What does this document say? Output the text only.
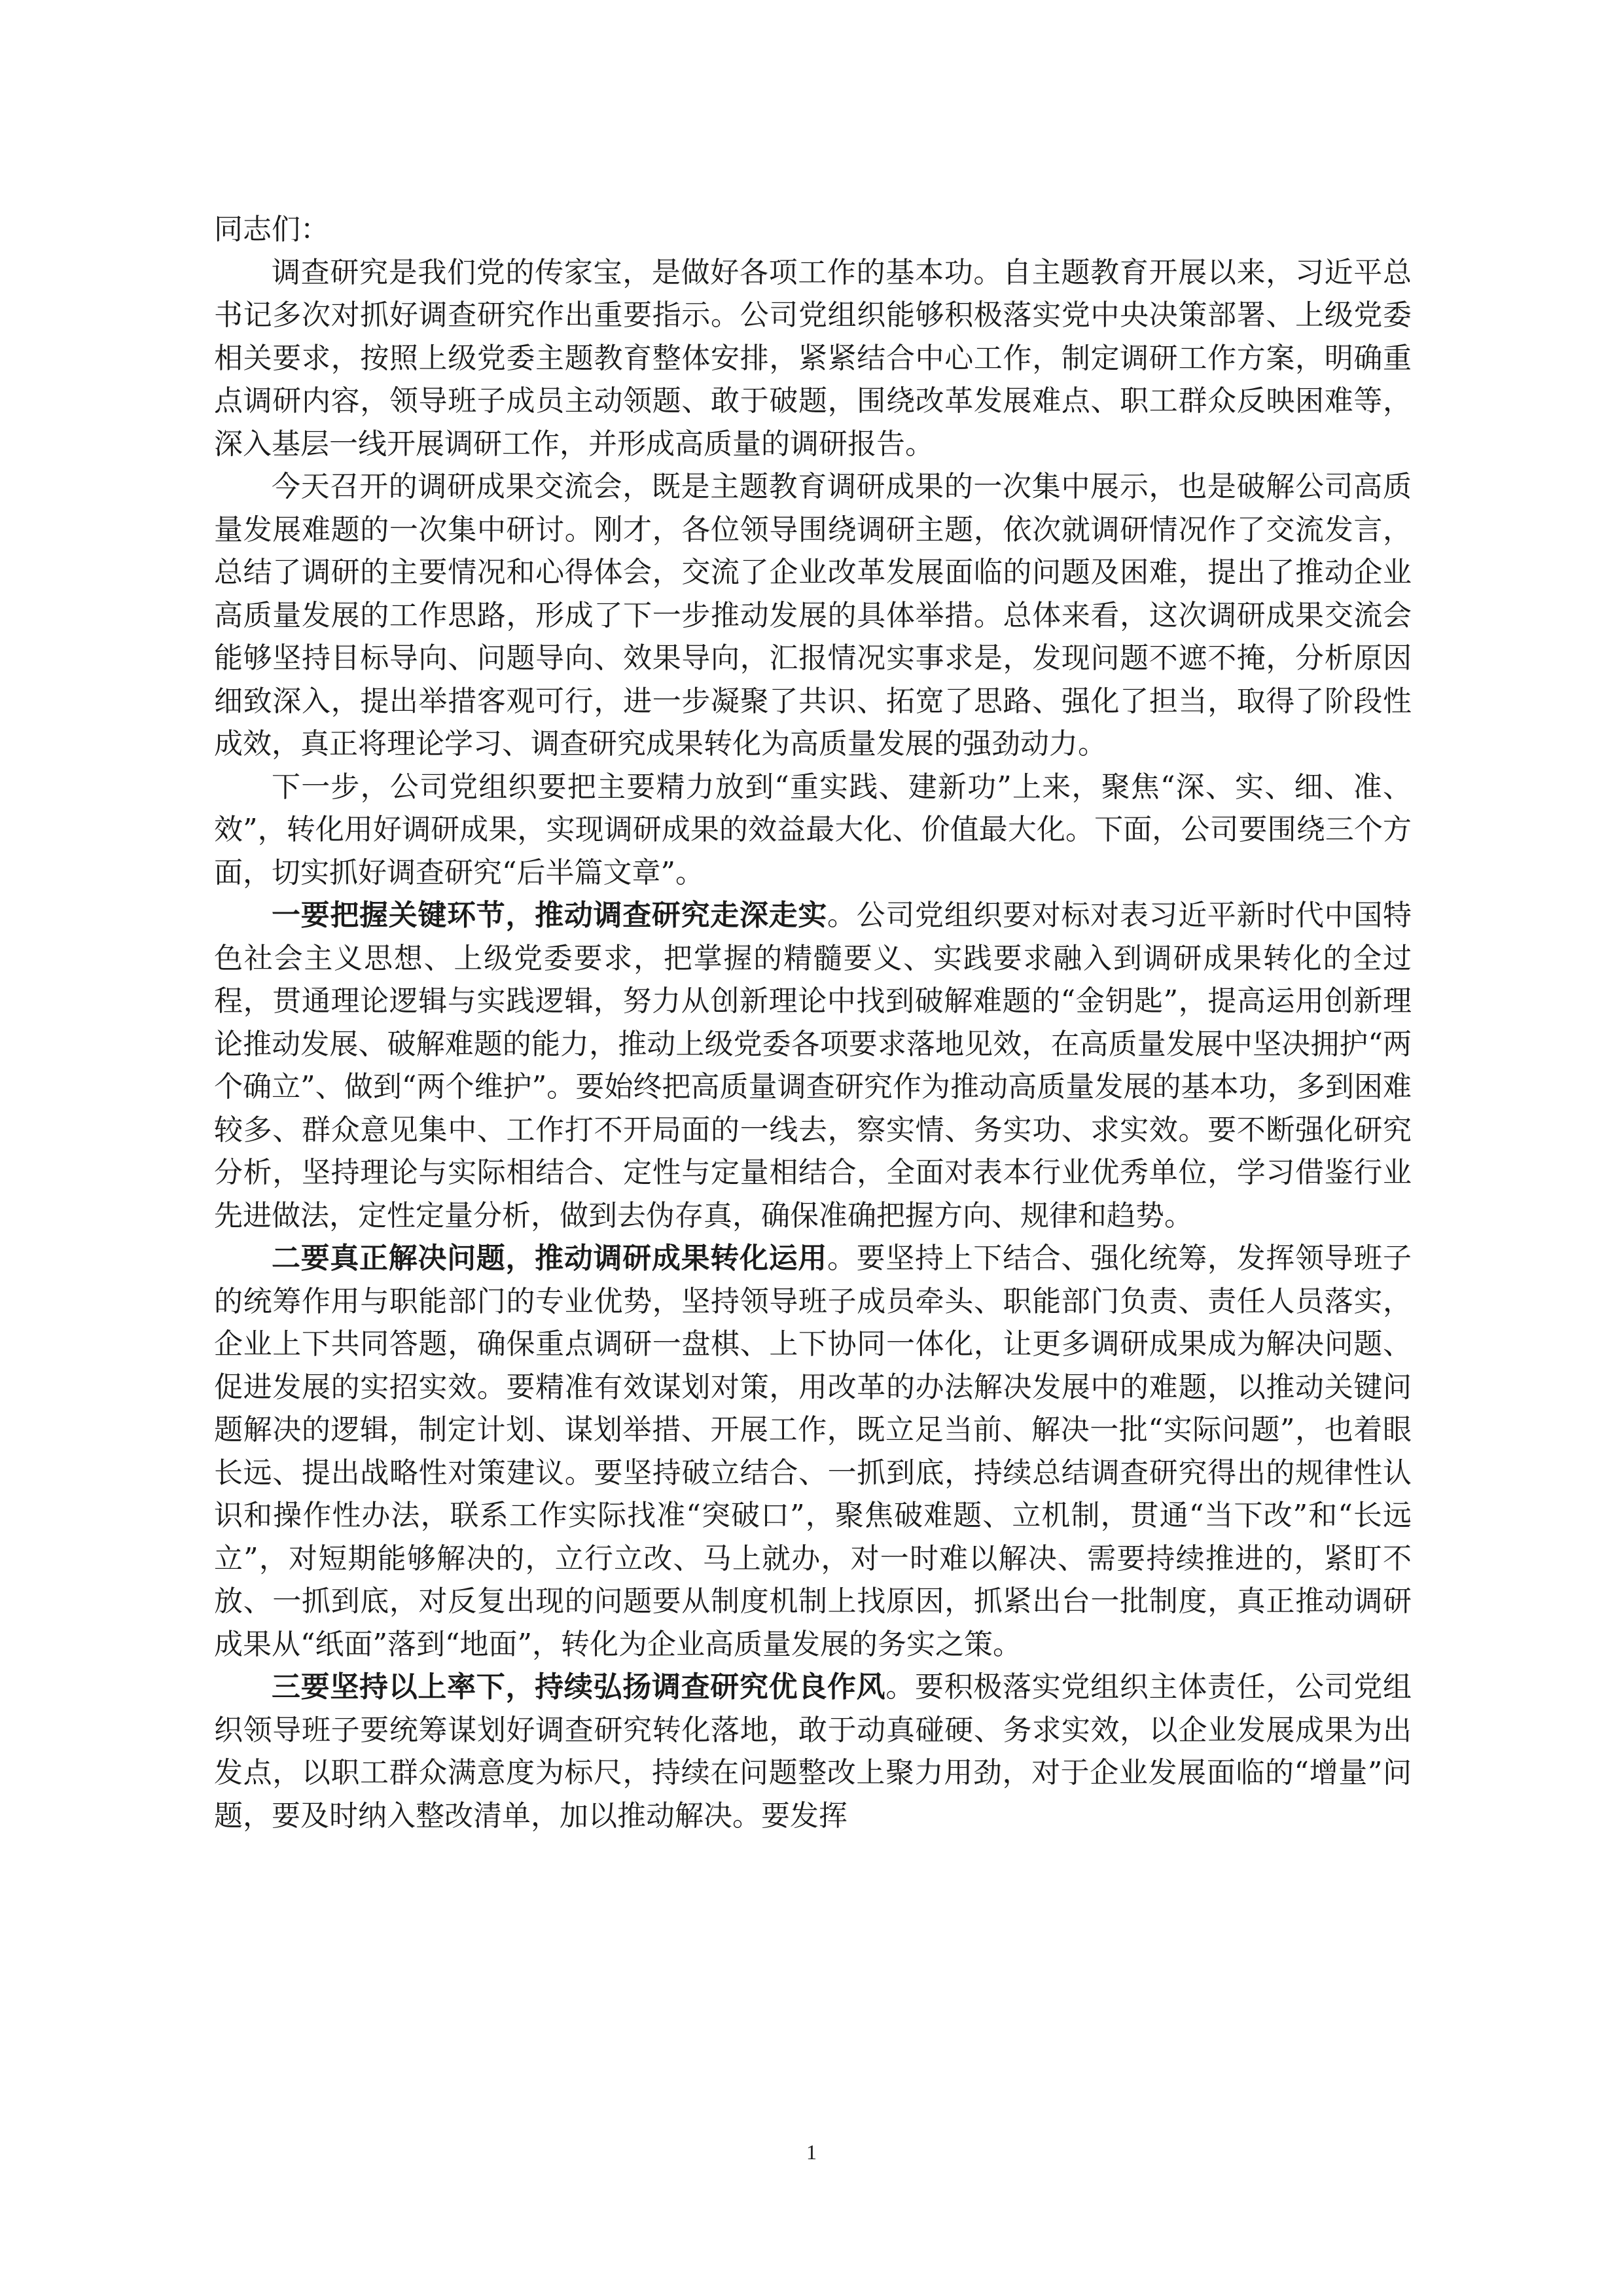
同志们：

调查研究是我们党的传家宝，是做好各项工作的基本功。自主题教育开展以来，习近平总书记多次对抓好调查研究作出重要指示。公司党组织能够积极落实党中央决策部署、上级党委相关要求，按照上级党委主题教育整体安排，紧紧结合中心工作，制定调研工作方案，明确重点调研内容，领导班子成员主动领题、敢于破题，围绕改革发展难点、职工群众反映困难等，深入基层一线开展调研工作，并形成高质量的调研报告。

今天召开的调研成果交流会，既是主题教育调研成果的一次集中展示，也是破解公司高质量发展难题的一次集中研讨。刚才，各位领导围绕调研主题，依次就调研情况作了交流发言，总结了调研的主要情况和心得体会，交流了企业改革发展面临的问题及困难，提出了推动企业高质量发展的工作思路，形成了下一步推动发展的具体举措。总体来看，这次调研成果交流会能够坚持目标导向、问题导向、效果导向，汇报情况实事求是，发现问题不遮不掩，分析原因细致深入，提出举措客观可行，进一步凝聚了共识、拓宽了思路、强化了担当，取得了阶段性成效，真正将理论学习、调查研究成果转化为高质量发展的强劲动力。

下一步，公司党组织要把主要精力放到“重实践、建新功”上来，聚焦“深、实、细、准、效”，转化用好调研成果，实现调研成果的效益最大化、价值最大化。下面，公司要围绕三个方面，切实抓好调查研究“后半篇文章”。

一要把握关键环节，推动调查研究走深走实。公司党组织要对标对表习近平新时代中国特色社会主义思想、上级党委要求，把掌握的精髓要义、实践要求融入到调研成果转化的全过程，贯通理论逻辑与实践逻辑，努力从创新理论中找到破解难题的“金钥匙”，提高运用创新理论推动发展、破解难题的能力，推动上级党委各项要求落地见效，在高质量发展中坚决拥护“两个确立”、做到“两个维护”。要始终把高质量调查研究作为推动高质量发展的基本功，多到困难较多、群众意见集中、工作打不开局面的一线去，察实情、务实功、求实效。要不断强化研究分析，坚持理论与实际相结合、定性与定量相结合，全面对表本行业优秀单位，学习借鉴行业先进做法，定性定量分析，做到去伪存真，确保准确把握方向、规律和趋势。

二要真正解决问题，推动调研成果转化运用。要坚持上下结合、强化统筹，发挥领导班子的统筹作用与职能部门的专业优势，坚持领导班子成员牵头、职能部门负责、责任人员落实，企业上下共同答题，确保重点调研一盘棋、上下协同一体化，让更多调研成果成为解决问题、促进发展的实招实效。要精准有效谋划对策，用改革的办法解决发展中的难题，以推动关键问题解决的逻辑，制定计划、谋划举措、开展工作，既立足当前、解决一批“实际问题”，也着眼长远、提出战略性对策建议。要坚持破立结合、一抓到底，持续总结调查研究得出的规律性认识和操作性办法，联系工作实际找准“突破口”，聚焦破难题、立机制，贯通“当下改”和“长远立”，对短期能够解决的，立行立改、马上就办，对一时难以解决、需要持续推进的，紧盯不放、一抓到底，对反复出现的问题要从制度机制上找原因，抓紧出台一批制度，真正推动调研成果从“纸面”落到“地面”，转化为企业高质量发展的务实之策。

三要坚持以上率下，持续弘扬调查研究优良作风。要积极落实党组织主体责任，公司党组织领导班子要统筹谋划好调查研究转化落地，敢于动真碰硬、务求实效，以企业发展成果为出发点，以职工群众满意度为标尺，持续在问题整改上聚力用劲，对于企业发展面临的“增量”问题，要及时纳入整改清单，加以推动解决。要发挥

1
